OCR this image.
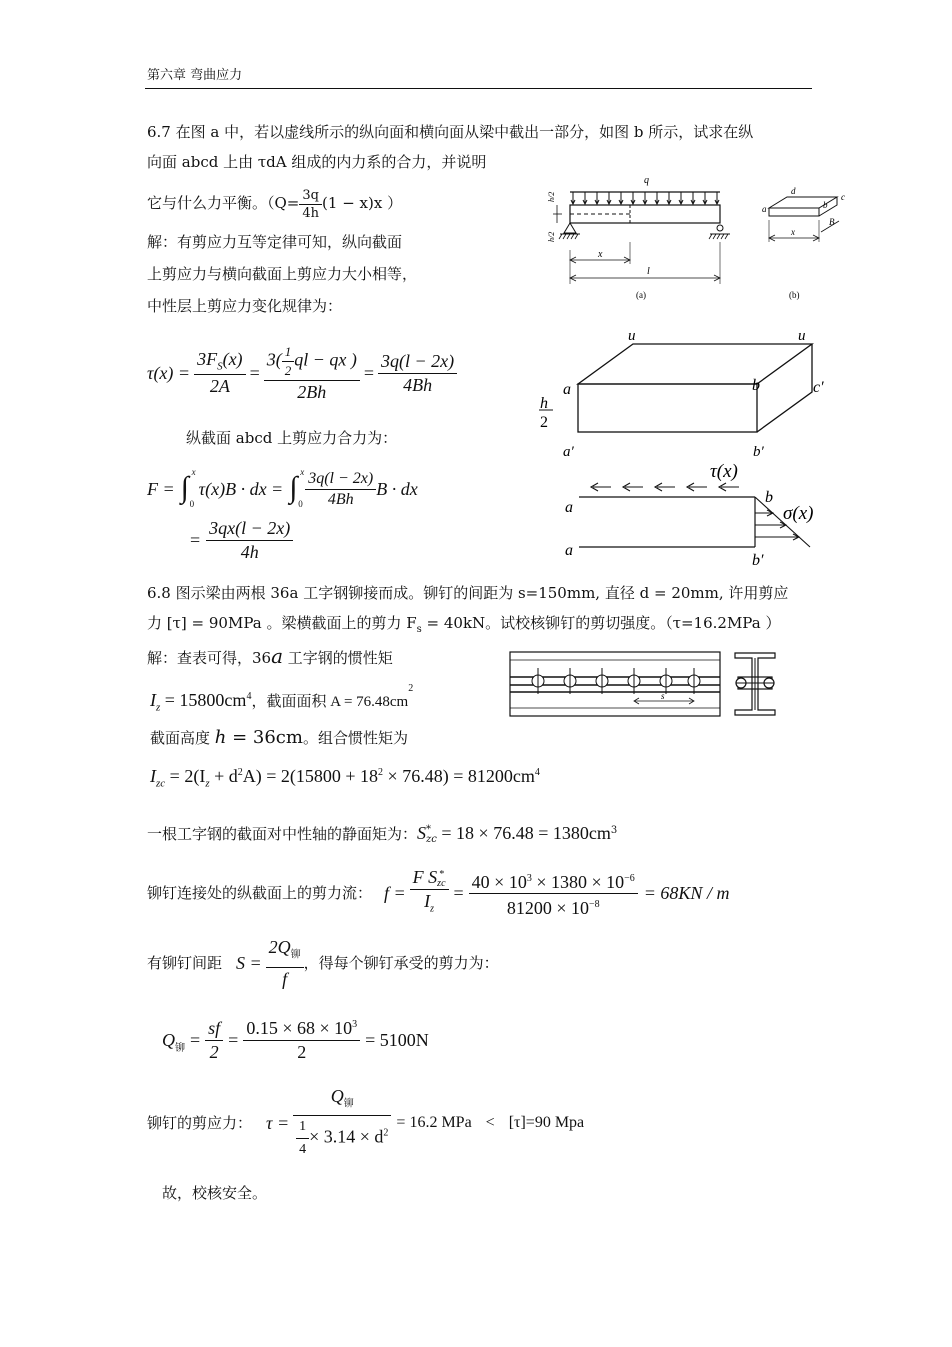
第六章 弯曲应力
6.7 在图 a 中，若以虚线所示的纵向面和横向面从梁中截出一部分，如图 b 所示，试求在纵
向面 abcd 上由 τdA 组成的内力系的合力，并说明
它与什么力平衡。（$Q= \frac{3q}{4h} (1 - x)x$ ）
解：有剪应力互等定律可知，纵向截面
上剪应力与横向截面上剪应力大小相等，
中性层上剪应力变化规律为：
$\tau(x) = \frac{3F_S(x)}{2A} = \frac{3( \frac{1}{2} ql - qx )}{2Bh} = \frac{3q(l - 2x)}{4Bh}$
纵截面 abcd 上剪应力合力为：
F = ∫ x
0
τ(x)B · dx = ∫ x
$0 \frac{3q(l - 2x)}{4Bh}$ B · dx
= $\frac{3qx(l - 2x)}{4h}$
q
h/2
h/2
x
l
(a)
a	b
c
d
x
B
(b)
u	u
a	b	c′
a′	b′
h
2
τ(x)
σ(x)
a
a
b
b′
6.8 图示梁由两根 36a 工字钢铆接而成。铆钉的间距为 s=150mm, 直径 d = 20mm, 许用剪应
力 [τ] = 90MPa 。梁横截面上的剪力 $F_s = 40kN$。试校核铆钉的剪切强度。（τ=16.2MPa ）
解：查表可得，36a 工字钢的惯性矩
$I_z = 15800cm^4$，截面面积 $A = 76.48cm^2$
截面高度 h = 36cm。组合惯性矩为
$I_{zc} = 2(I_z + d^2A) = 2(15800 + 18^2 \times 76.48) = 81200cm^4$
一根工字钢的截面对中性轴的静面矩为：S *
zc = $18 \times 76.48 = 1380cm^3$
铆钉连接处的纵截面上的剪力流： f = F S *
zc
$I_z = \frac{40 \times 10^3 \times 1380 \times 10^{-6}}{81200 \times 10^{-8}} = 68KN / m$
有铆钉间距 $S = \frac{2Q_铆}{f}$ ，得每个铆钉承受的剪力为：
$Q_铆 = \frac{sf}{2} = \frac{0.15 \times 68 \times 10^3}{2} = 5100N$
铆钉的剪应力： $\tau = \frac{Q_铆}{\frac{1}{4} \times 3.14 \times d^2} = 16.2$ MPa < [τ]=90 Mpa
故，校核安全。
s
